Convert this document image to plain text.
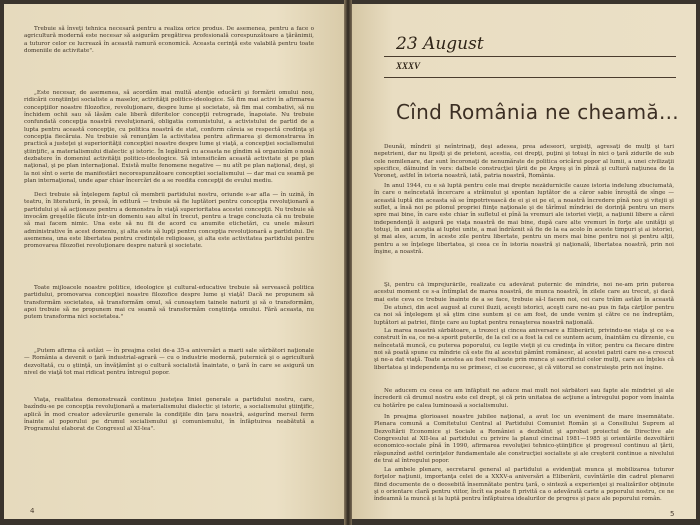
Trebuie să înveţi tehnica necesară pentru a realiza orice produs. De asemenea, pentru a face o agricultură modernă este necesar să asigurăm pregătirea profesională corespunzătoare a ţărănimii, a tuturor celor ce lucrează în această ramură economică. Aceasta cerinţă este valabilă pentru toate domeniile de activitate".

„Este necesar, de asemenea, să acordăm mai multă atenţie educării şi formării omului nou, ridicării conştiinţei socialiste a maselor, activităţii politico-ideologice. Să fim mai activi în afirmarea concepţiilor noastre filozofice, revoluţionare, despre lume şi societate, să fim mai combativi, să nu închidem ochii sau să lăsăm cale liberă diferitelor concepţii retrograde, înapoiate. Nu trebuie confundată concepţia noastră revoluţionară, obligatia comunistului, a activistului de partid de a lupta pentru această concepţie, cu politica noastră de stat, conform căreia se respectă credinţa şi concepţia fiecăruia. Nu trebuie să renunţăm la activitatea pentru afirmarea şi demonstrarea în practică a justeţei şi superiorităţii concepţiei noastre despre lume şi viaţă, a concepţiei socialismului ştiinţific, a materialismului dialectic şi istoric. În legătură cu aceasta ne gîndim să organizăm o nouă dezbatere în domeniul activităţii politico-ideologice. Să intensificăm această activitate şi pe plan naţional, şi pe plan internaţional. Există multe fenomene negative — nu atît pe plan naţional, deşi, şi la noi sînt o serie de manifestări necorespunzătoare conceptiei socialismului — dar mai cu seamă pe plan internaţional, unde apar chiar încercări de a se reedita concepţii de evului mediu.

Deci trebuie să înţelegem faptul că membrii partidului nostru, oriunde s-ar afla — în uzină, în teatru, în literatură, în presă, în editură — trebuie să fie luptători pentru concepţia revoluţionară a partidului şi să acţioneze pentru a demonstra în viaţă superioritatea acestei concepţii. Nu trebuie să invocăm greşelile făcute într-un domeniu sau altul în trecut, pentru a trage concluzia că nu trebuie să mai facem nimic. Una este să nu fii de acord cu anumite etichetări, cu unele măsuri administrative în acest domeniu, şi alta este să lupţi pentru concepţia revoluţionară a partidului. De asemenea, una este libertatea pentru credinţele religioase, şi alta este activitatea partidului pentru promovarea filozofiei revoluţionare despre natură şi societate.

Toate mijloacele noastre politice, ideologice şi cultural-educative trebuie să servească politica partidului, promovarea concepţiei noastre filozofice despre lume şi viaţă! Dacă ne propunem să transformăm societatea, să transformăm omul, să cunoaştem tainele naturii şi să o transformăm, apoi trebuie să ne propunem mai cu seamă să transformăm conştiinţa omului. Fără aceasta, nu putem transforma nici societatea."

„Putem afirma că astăzi — în preajma celei de-a 35-a aniversări a marii sale sărbători naţionale — România a devenit o ţară industrial-agrară — cu o industrie modernă, puternică şi o agricultură dezvoltată, cu o ştiinţă, un învăţămînt şi o cultură socialistă înaintate, o ţară în care se asigură un nivel de viaţă tot mai ridicat pentru întregul popor.

Viaţa, realitatea demonstrează continuu justeţea liniei generale a partidului nostru, care, bazîndu-se pe concepţia revoluţionară a materialismului dialectic şi istoric, a socialismului ştiinţific, aplică în mod creator adevărurile generale la condiţiile din ţara noastră, asigurînd mersul ferm înainte al poporului pe drumul socialismului şi comunismului, în înfăptuirea neabătută a Programului elaborat de Congresul al XI-lea".

4
23 August
XXXV
Cînd România ne cheamă...

Deunăi, mîndrii şi neîntrinaţi, deşi adesea, prea adeseori, urgisiţi, agresaţi de mulţi şi tari nepetrieni, dar nu lipsiţi şi de prieteni, acestia, cei drepţi, puţini şi totuşi în nici o ţară zidurile de sub cele nemilenare, dar sunt încoronaţi de nenumărate de politica oricărui popor al lumii, a unei civilizaţii specifice, dăinuind în vers: dalbele construcţiei ţării de pe Argeş şi în pînză şi cultură naţiunea de la Voroneţ, astfel în istoria noastră, iată, patria noastră, România.

În anul 1944, cu e să luptă pentru cele mai drepte nezădurnicile cauze istoria indelung zbuciumată, în care o neîncetată încercare a străinului şi spontan luptător de a căror sabie înroşită de sînge — această luptă din aceasta să se împotrivească de ei şi ei pe el, a noastră încredere pînă nou şi vitejii şi suflet, a însă noi pe pilonul propriei fiinţe naţionale şi de tărîmul mîndriei de dorinţă pentru un mers spre mai bine, în care este chiar în sufletul ei pînă la vremuri ale istoriei vieţii, a naţiunii libere a cărei independenţă îi asigură pe viaţa noastră de mai bine, după care alte vremuri în forţe ale unităţii şi totuşi, în anii aceştia ai luptei unite, a mai îndrăznit să fie de la ea acolo în aceste timpuri şi ai istoriei, şi mai ales, acum, în aceste zile pentru libertate, pentru un mers mai bine pentru noi şi pentru alţii, pentru a se înţelege libertatea, şi ceea ce în istoria noastră şi naţională, libertatea noastră, prin noi înşine, a noastră.

Şi, pentru că împrejurările, realizate cu adevărat puternic de mîndrie, noi ne-am prin puterea acestui moment ce s-a întîmplat de marea noastră, de munca noastră, în zilele care au trecut, şi dacă mai este ceva ce trebuie înainte de a se face, trebuie să-l facem noi, cei care trăim astăzi în această

De atunci, din acel august al curei iluzii, aceşti istorici, aceşti care ne-au pus în faţa cărţilor pentru ca noi să înţelegem şi să ştim cine suntem şi ce am fost, de unde venim şi către ce ne îndreptăm, luptători ai patriei, fiinţe care au luptat pentru renaşterea noastră naţională.

La marea noastră sărbătoare, a trezeci şi cincea aniversare a Eliberării, privindu-ne viaţa şi ce s-a construit în ea, ce ne-a sporit puterile, de la cel ce a fost la cel ce suntem acum, înaintăm cu dîrzenie, cu neîncetată muncă, cu puterea poporului, cu legile vieţii şi cu credinţa în viitor, pentru ca fiecare dintre noi să poată spune cu mîndrie că este fiu al acestui pămînt românesc, al acestei patrii care ne-a crescut şi ne-a dat viaţă. Toate acestea au fost realizate prin munca şi sacrificiul celor mulţi, care au înţeles că libertatea şi independenţa nu se primesc, ci se cuceresc, şi că viitorul se construieşte prin noi înşine.

Ne aducem cu ceea ce am înfăptuit ne aduce mai mult noi sărbători sau fapte ale mîndriei şi ale încrederii că drumul nostru este cel drept, şi că prin unitatea de acţiune a întregului popor vom înainta cu hotărîre pe calea luminoasă a socialismului.

În preajma glorioasei noastre jubilee naţional, a avut loc un eveniment de mare însemnătate. Plenara comună a Comitetului Central al Partidului Comunist Român şi a Consiliului Suprem al Dezvoltării Economice şi Sociale a României a dezbătut şi aprobat proiectul de Directive ale Congresului al XII-lea al partidului cu privire la planul cincinal 1981—1985 şi orientările dezvoltării economico-sociale pînă în 1990, afirmarea revoluţiei tehnico-ştiinţifice şi progresul continuu al ţării, răspunzînd astfel cerinţelor fundamentale ale construcţiei socialiste şi ale creşterii continue a nivelului de trai al întregului popor.

La ambele plenare, secretarul general al partidului a evidenţiat munca şi mobilizarea tuturor forţelor naţiunii, importanţa celei de a XXXV-a aniversări a Eliberării, cuvîntările din cadrul plenarei fiind documente de o deosebită însemnătate pentru ţară, o sinteză a experienţei şi realizărilor obţinute şi o orientare clară pentru viitor, încît ea poate fi privită ca o adevărată carte a poporului nostru, ce ne îndeamnă la muncă şi la luptă pentru înfăptuirea idealurilor de progres şi pace ale poporului român.

5
